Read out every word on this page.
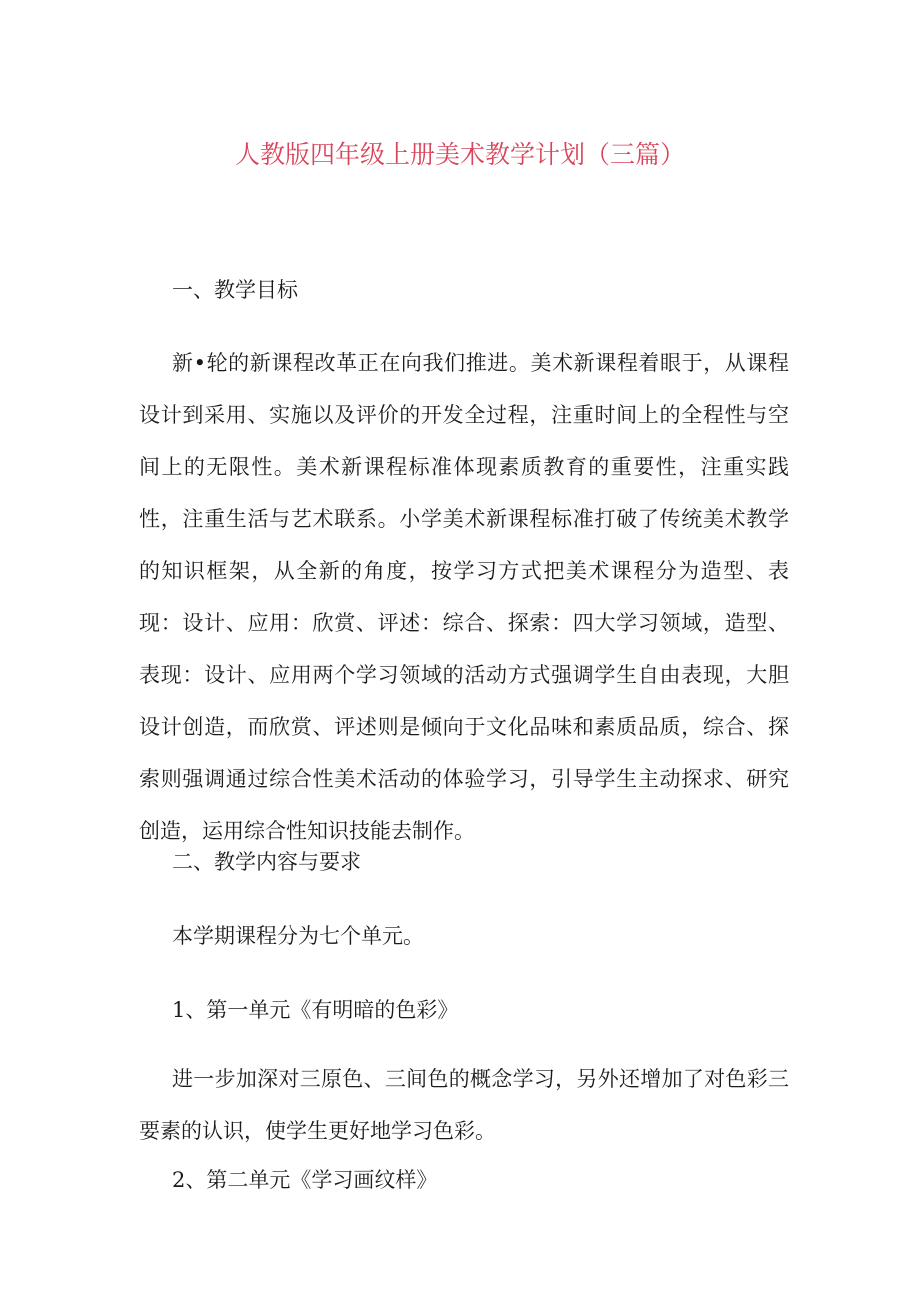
人教版四年级上册美术教学计划（三篇）

一、教学目标

新•轮的新课程改革正在向我们推进。美术新课程着眼于，从课程设计到采用、实施以及评价的开发全过程，注重时间上的全程性与空间上的无限性。美术新课程标准体现素质教育的重要性，注重实践性，注重生活与艺术联系。小学美术新课程标准打破了传统美术教学的知识框架，从全新的角度，按学习方式把美术课程分为造型、表现：设计、应用：欣赏、评述：综合、探索：四大学习领域，造型、表现：设计、应用两个学习领域的活动方式强调学生自由表现，大胆设计创造，而欣赏、评述则是倾向于文化品味和素质品质，综合、探索则强调通过综合性美术活动的体验学习，引导学生主动探求、研究创造，运用综合性知识技能去制作。

二、教学内容与要求

本学期课程分为七个单元。

1、第一单元《有明暗的色彩》

进一步加深对三原色、三间色的概念学习，另外还增加了对色彩三要素的认识，使学生更好地学习色彩。

2、第二单元《学习画纹样》
